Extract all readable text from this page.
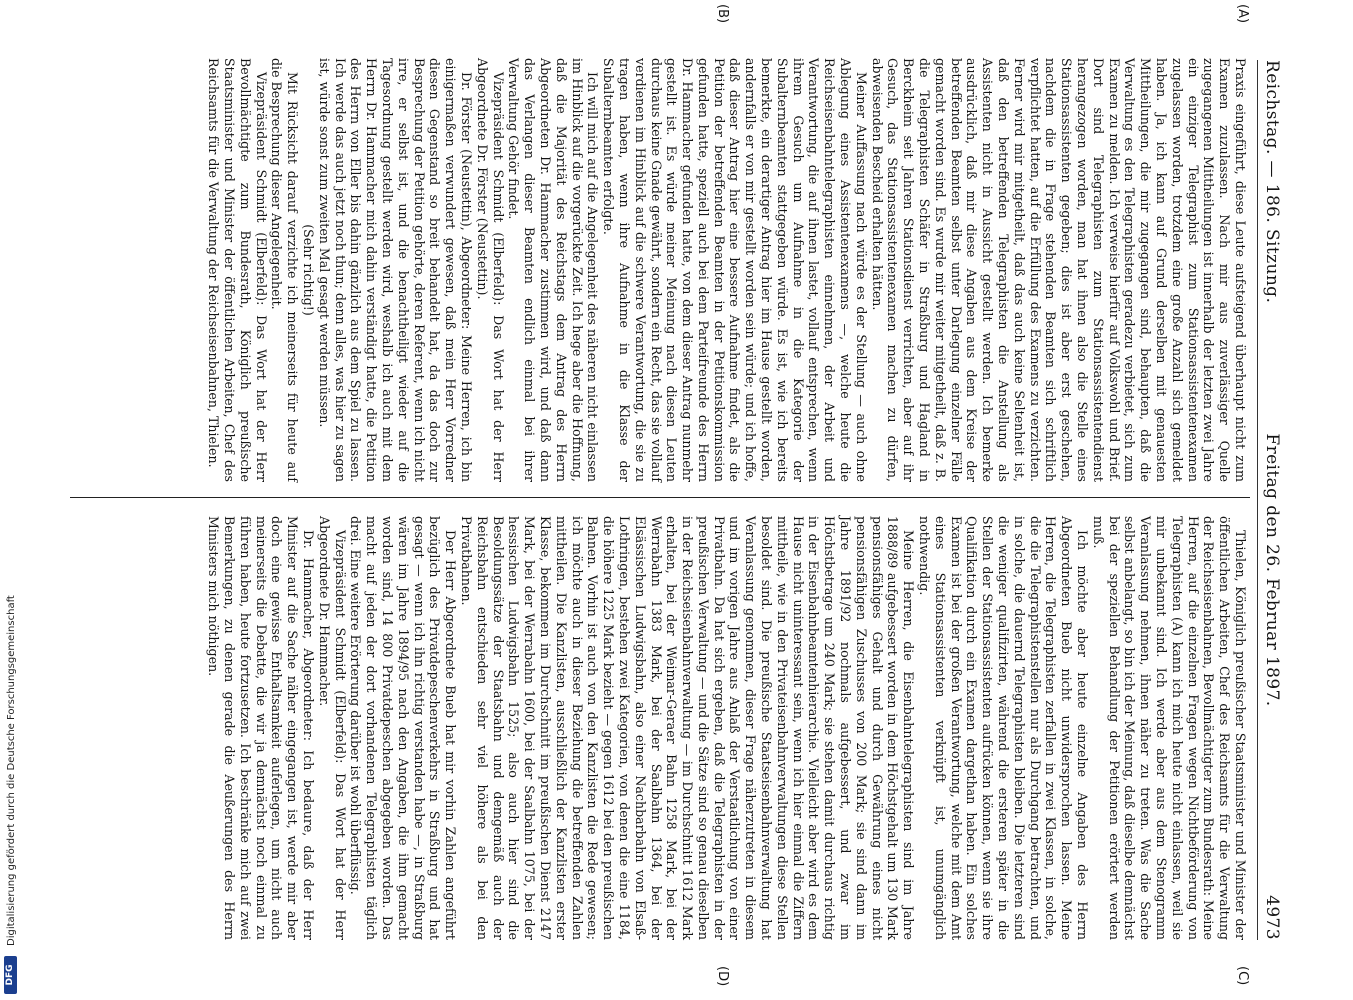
Reichstag. — 186. Sitzung.
Freitag den 26. Februar 1897.
4973
(A)
(B)
(C)
(D)

Praxis eingeführt, diese Leute aufsteigend überhaupt nicht zum Examen zuzulassen. Nach mir aus zuverlässiger Quelle zugegangenen Mittheilungen ist innerhalb der letzten zwei Jahre ein einziger Telegraphist zum Stationsassistentenexamen zugelassen worden, trotzdem eine große Anzahl sich gemeldet haben. Ja, ich kann auf Grund derselben mit genauesten Mittheilungen, die mir zugegangen sind, behaupten, daß die Verwaltung es den Telegraphisten geradezu verbietet, sich zum Examen zu melden. Ich verweise hierfür auf Volkswohl und Brief. Dort sind Telegraphisten zum Stationsassistentendienst herangezogen worden, man hat ihnen also die Stelle eines Stationsassistenten gegeben; dies ist aber erst geschehen, nachdem die in Frage stehenden Beamten sich schriftlich verpflichtet hatten, auf die Erfüllung des Examens zu verzichten. Ferner wird mir mitgetheilt, daß das auch keine Seltenheit ist, daß den betreffenden Telegraphisten die Anstellung als Assistenten nicht in Aussicht gestellt werden. Ich bemerke ausdrücklich, daß mir diese Angaben aus dem Kreise der betreffenden Beamten selbst unter Darlegung einzelner Fälle gemacht worden sind. Es wurde mir weiter mitgetheilt, daß z. B. die Telegraphisten Schäfer in Straßburg und Hagland in Berckheim seit Jahren Stationsdienst verrichten, aber auf ihr Gesuch, das Stationsassistentenexamen machen zu dürfen, abweisenden Bescheid erhalten hätten.

Meiner Auffassung nach würde es der Stellung — auch ohne Ablegung eines Assistentenexamens —, welche heute die Reichseisenbahntelegraphisten einnehmen, der Arbeit und Verantwortung, die auf ihnen lastet, vollauf entsprechen, wenn ihrem Gesuch um Aufnahme in die Kategorie der Subalternbeamten stattgegeben würde. Es ist, wie ich bereits bemerkte, ein derartiger Antrag hier im Hause gestellt worden, andernfalls er von mir gestellt worden sein würde; und ich hoffe, daß dieser Antrag hier eine bessere Aufnahme findet, als die Petition der betreffenden Beamten in der Petitionskommission gefunden hatte, speziell auch bei dem Parteifreunde des Herrn Dr. Hammacher gefunden hatte, von dem dieser Antrag nunmehr gestellt ist. Es würde meiner Meinung nach diesen Leuten durchaus keine Gnade gewährt, sondern ein Recht, das sie vollauf verdienen im Hinblick auf die schwere Verantwortung, die sie zu tragen haben, wenn ihre Aufnahme in die Klasse der Subalternbeamten erfolgte.

Ich will mich auf die Angelegenheit des näheren nicht einlassen im Hinblick auf die vorgerückte Zeit. Ich hege aber die Hoffnung, daß die Majorität des Reichstags dem Antrag des Herrn Abgeordneten Dr. Hammacher zustimmen wird, und daß dann das Verlangen dieser Beamten endlich einmal bei ihrer Verwaltung Gehör findet.

Vizepräsident Schmidt (Elberfeld): Das Wort hat der Herr Abgeordnete Dr. Förster (Neustettin).

Dr. Förster (Neustettin), Abgeordneter: Meine Herren, ich bin einigermaßen verwundert gewesen, daß mein Herr Vorredner diesen Gegenstand so breit behandelt hat, da das doch zur Besprechung der Petition gehörte, deren Referent, wenn ich nicht irre, er selbst ist, und die benachtheiligt wieder auf die Tagesordnung gestellt werden wird, weshalb ich auch mit dem Herrn Dr. Hammacher mich dahin verständigt hatte, die Petition des Herrn von Eller bis dahin gänzlich aus dem Spiel zu lassen. Ich werde das auch jetzt noch thun; denn alles, was hier zu sagen ist, würde sonst zum zweiten Mal gesagt werden müssen.

(Sehr richtig!)

Mit Rücksicht darauf verzichte ich meinerseits für heute auf die Besprechung dieser Angelegenheit.

Vizepräsident Schmidt (Elberfeld): Das Wort hat der Herr Bevollmächtigte zum Bundesrath, Königlich preußische Staatsminister und Minister der öffentlichen Arbeiten, Chef des Reichsamts für die Verwaltung der Reichseisenbahnen, Thielen.

Thielen, Königlich preußischer Staatsminister und Minister der öffentlichen Arbeiten, Chef des Reichsamts für die Verwaltung der Reichseisenbahnen, Bevollmächtigter zum Bundesrath: Meine Herren, auf die einzelnen Fragen wegen Nichtbeförderung von Telegraphisten (A) kann ich mich heute nicht einlassen, weil sie mir unbekannt sind. Ich werde aber aus dem Stenogramm Veranlassung nehmen, ihnen näher zu treten. Was die Sache selbst anbelangt, so bin ich der Meinung, daß dieselbe demnächst bei der speziellen Behandlung der Petitionen erörtert werden muß.

Ich möchte aber heute einzelne Angaben des Herrn Abgeordneten Bueb nicht unwidersprochen lassen. Meine Herren, die Telegraphisten zerfallen in zwei Klassen, in solche, die die Telegraphistenstellen nur als Durchgang betrachten, und in solche, die dauernd Telegraphisten bleiben. Die letzteren sind die weniger qualifizirten, während die ersteren später in die Stellen der Stationsassistenten aufrücken können, wenn sie ihre Qualifikation durch ein Examen dargethan haben. Ein solches Examen ist bei der großen Verantwortung, welche mit dem Amt eines Stationsassistenten verknüpft ist, unumgänglich nothwendig.

Meine Herren, die Eisenbahntelegraphisten sind im Jahre 1888/89 aufgebessert worden in dem Höchstgehalt um 130 Mark pensionsfähiges Gehalt und durch Gewährung eines nicht pensionsfähigen Zuschusses von 200 Mark; sie sind dann im Jahre 1891/92 nochmals aufgebessert, und zwar im Höchstbetrage um 240 Mark; sie stehen damit durchaus richtig in der Eisenbahnbeamtenhierarchie. Vielleicht aber wird es dem Hause nicht uninteressant sein, wenn ich hier einmal die Ziffern mittheile, wie in den Privateisenbahnverwaltungen diese Stellen besoldet sind. Die preußische Staatseisenbahnverwaltung hat Veranlassung genommen, dieser Frage näherzutreten in diesem und im vorigen Jahre aus Anlaß der Verstaatlichung von einer Privatbahn. Da hat sich ergeben, daß die Telegraphisten in der preußischen Verwaltung — und die Sätze sind so genau dieselben in der Reichseisenbahnverwaltung — im Durchschnitt 1612 Mark erhalten, bei der Weimar-Geraer Bahn 1258 Mark, bei der Werrabahn 1383 Mark, bei der Saalbahn 1364, bei der Elsässischen Ludwigsbahn, also einer Nachbarbahn von Elsaß-Lothringen, bestehen zwei Kategorien, von denen die eine 1184, die höhere 1225 Mark bezieht — gegen 1612 bei den preußischen Bahnen. Vorhin ist auch von den Kanzlisten die Rede gewesen; ich möchte auch in dieser Beziehung die betreffenden Zahlen mittheilen. Die Kanzlisten, ausschließlich der Kanzlisten erster Klasse, bekommen im Durchschnitt im preußischen Dienst 2147 Mark, bei der Werrabahn 1600, bei der Saalbahn 1075, bei der hessischen Ludwigsbahn 1525; also auch hier sind die Besoldungssätze der Staatsbahn und demgemäß auch der Reichsbahn entschieden sehr viel höhere als bei den Privatbahnen.

Der Herr Abgeordnete Bueb hat mir vorhin Zahlen angeführt bezüglich des Privatdepeschenverkehrs in Straßburg und hat gesagt — wenn ich ihn richtig verstanden habe —, in Straßburg wären im Jahre 1894/95 nach den Angaben, die ihm gemacht worden sind, 14 800 Privatdepeschen abgegeben worden. Das macht auf jeden der dort vorhandenen Telegraphisten täglich drei. Eine weitere Erörterung darüber ist wohl überflüssig.

Vizepräsident Schmidt (Elberfeld): Das Wort hat der Herr Abgeordnete Dr. Hammacher.

Dr. Hammacher, Abgeordneter: Ich bedaure, daß der Herr Minister auf die Sache näher eingegangen ist, werde mir aber doch eine gewisse Enthaltsamkeit auferlegen, um nicht auch meinerseits die Debatte, die wir ja demnächst noch einmal zu führen haben, heute fortzusetzen. Ich beschränke mich auf zwei Bemerkungen, zu denen gerade die Aeußerungen des Herrn Ministers mich nöthigen.

Digitalisierung gefördert durch die Deutsche Forschungsgemeinschaft
DFG
